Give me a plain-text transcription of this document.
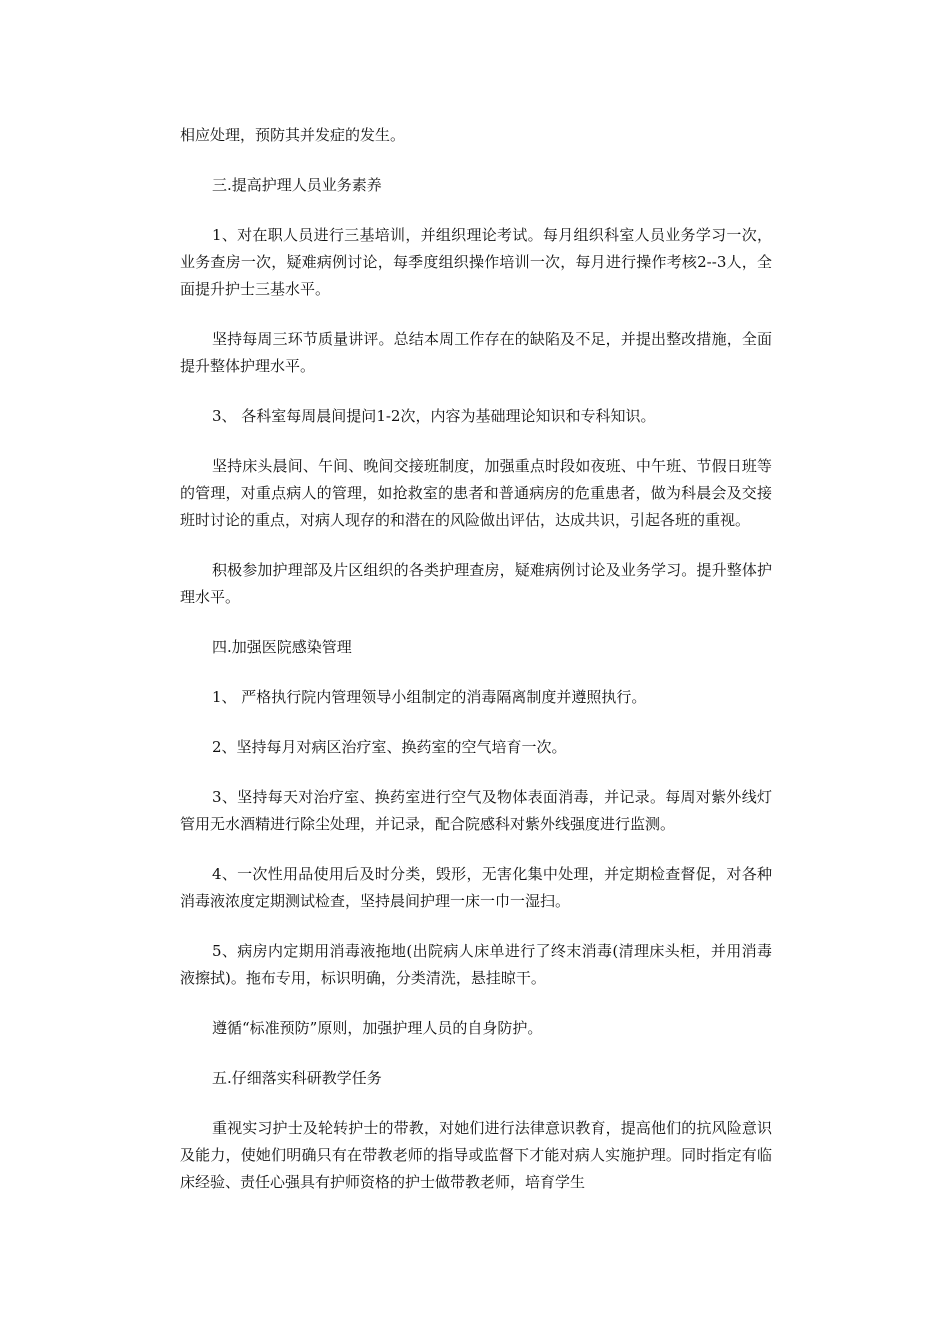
相应处理，预防其并发症的发生。

三.提高护理人员业务素养

1、对在职人员进行三基培训，并组织理论考试。每月组织科室人员业务学习一次，业务查房一次，疑难病例讨论，每季度组织操作培训一次，每月进行操作考核2--3人，全面提升护士三基水平。

坚持每周三环节质量讲评。总结本周工作存在的缺陷及不足，并提出整改措施，全面提升整体护理水平。

3、 各科室每周晨间提问1-2次，内容为基础理论知识和专科知识。

坚持床头晨间、午间、晚间交接班制度，加强重点时段如夜班、中午班、节假日班等的管理，对重点病人的管理，如抢救室的患者和普通病房的危重患者，做为科晨会及交接班时讨论的重点，对病人现存的和潜在的风险做出评估，达成共识，引起各班的重视。

积极参加护理部及片区组织的各类护理查房，疑难病例讨论及业务学习。提升整体护理水平。

四.加强医院感染管理

1、 严格执行院内管理领导小组制定的消毒隔离制度并遵照执行。

2、坚持每月对病区治疗室、换药室的空气培育一次。

3、坚持每天对治疗室、换药室进行空气及物体表面消毒，并记录。每周对紫外线灯管用无水酒精进行除尘处理，并记录，配合院感科对紫外线强度进行监测。

4、一次性用品使用后及时分类，毁形，无害化集中处理，并定期检查督促，对各种消毒液浓度定期测试检查，坚持晨间护理一床一巾一湿扫。

5、病房内定期用消毒液拖地(出院病人床单进行了终末消毒(清理床头柜，并用消毒液擦拭)。拖布专用，标识明确，分类清洗，悬挂晾干。

遵循“标准预防”原则，加强护理人员的自身防护。

五.仔细落实科研教学任务

重视实习护士及轮转护士的带教，对她们进行法律意识教育，提高他们的抗风险意识及能力，使她们明确只有在带教老师的指导或监督下才能对病人实施护理。同时指定有临床经验、责任心强具有护师资格的护士做带教老师，培育学生
